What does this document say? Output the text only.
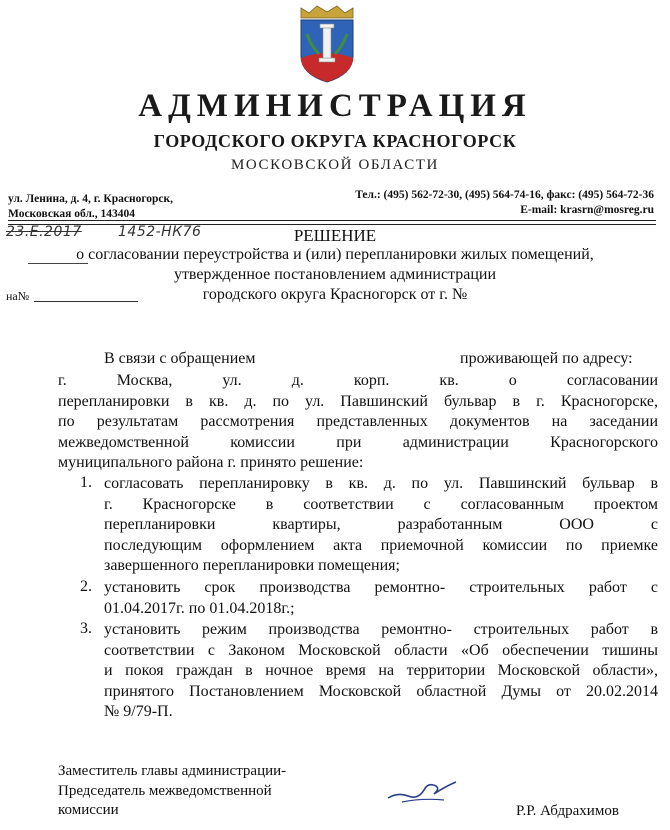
АДМИНИСТРАЦИЯ
ГОРОДСКОГО ОКРУГА КРАСНОГОРСК
МОСКОВСКОЙ ОБЛАСТИ
ул. Ленина, д. 4, г. Красногорск,
Московская обл., 143404
Тел.: (495) 562-72-30, (495) 564-74-16, факс: (495) 564-72-36
E-mail: krasrn@mosreg.ru
23.Е.2017	1452-НК76	РЕШЕНИЕ
о согласовании переустройства и (или) перепланировки жилых помещений,
утвержденное постановлением администрации
городского округа Красногорск от г. №
на№
В связи с обращением	проживающей по адресу:
г. Москва, ул. д. корп. кв. о согласовании
перепланировки в кв. д. по ул. Павшинский бульвар в г. Красногорске,
по результатам рассмотрения представленных документов на заседании
межведомственной комиссии при администрации Красногорского
муниципального района г. принято решение:
1. согласовать перепланировку в кв. д. по ул. Павшинский бульвар в
г. Красногорске в соответствии с согласованным проектом
перепланировки квартиры, разработанным ООО с
последующим оформлением акта приемочной комиссии по приемке
завершенного перепланировки помещения;
2. установить срок производства ремонтно- строительных работ с
01.04.2017г. по 01.04.2018г.;
3. установить режим производства ремонтно- строительных работ в
соответствии с Законом Московской области «Об обеспечении тишины
и покоя граждан в ночное время на территории Московской области»,
принятого Постановлением Московской областной Думы от 20.02.2014
№ 9/79-П.
Заместитель главы администрации-
Председатель межведомственной
комиссии	Р.Р. Абдрахимов
